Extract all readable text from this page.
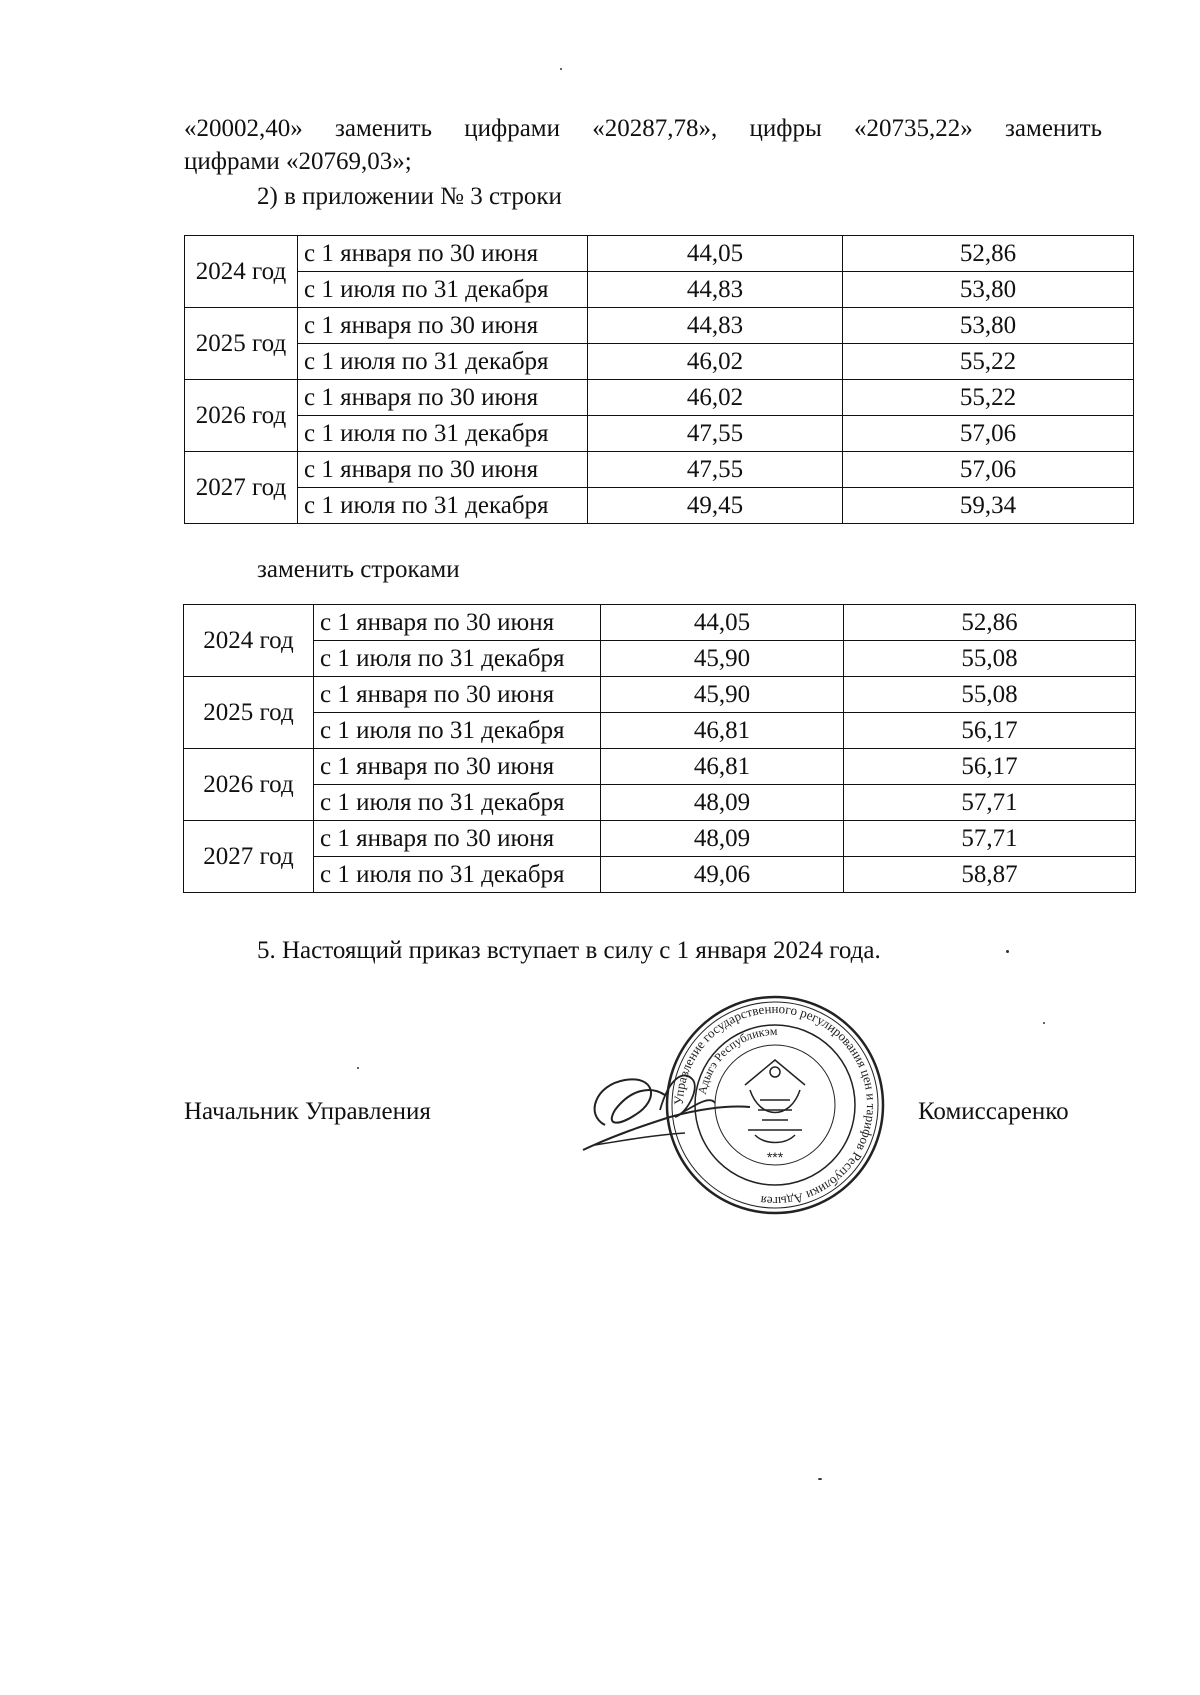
«20002,40» заменить цифрами «20287,78», цифры «20735,22» заменить

цифрами «20769,03»;

2) в приложении № 3 строки

2024 год	с 1 января по 30 июня	44,05	52,86
	с 1 июля по 31 декабря	44,83	53,80
2025 год	с 1 января по 30 июня	44,83	53,80
	с 1 июля по 31 декабря	46,02	55,22
2026 год	с 1 января по 30 июня	46,02	55,22
	с 1 июля по 31 декабря	47,55	57,06
2027 год	с 1 января по 30 июня	47,55	57,06
	с 1 июля по 31 декабря	49,45	59,34

заменить строками

2024 год	с 1 января по 30 июня	44,05	52,86
	с 1 июля по 31 декабря	45,90	55,08
2025 год	с 1 января по 30 июня	45,90	55,08
	с 1 июля по 31 декабря	46,81	56,17
2026 год	с 1 января по 30 июня	46,81	56,17
	с 1 июля по 31 декабря	48,09	57,71
2027 год	с 1 января по 30 июня	48,09	57,71
	с 1 июля по 31 декабря	49,06	58,87

5. Настоящий приказ вступает в силу с 1 января 2024 года.

Начальник Управления	Комиссаренко
Управление государственного регулирования цен и тарифов Республики Адыгея
Адыгэ Республикэм
***
